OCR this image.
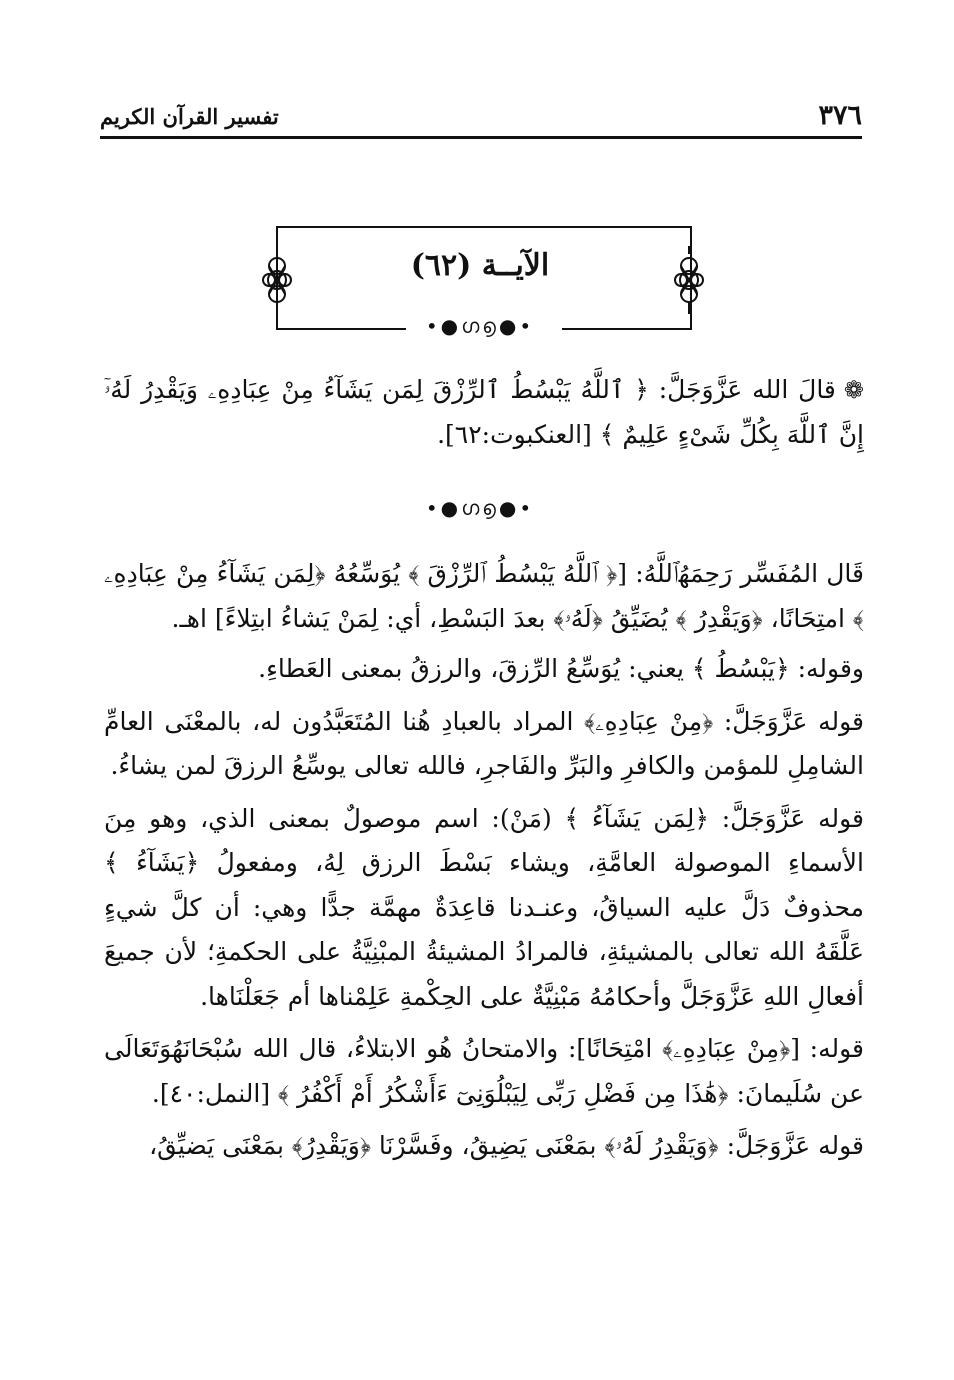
٣٧٦
تفسير القرآن الكريم
الآيــة (٦٢)
•●ഗ൭●•

❁قالَ الله عَزَّوَجَلَّ: ﴿ ٱللَّهُ يَبْسُطُ ٱلرِّزْقَ لِمَن يَشَآءُ مِنْ عِبَادِهِۦ وَيَقْدِرُ لَهُۥٓ إِنَّ ٱللَّهَ بِكُلِّ شَىْءٍ عَلِيمٌ ﴾ [العنكبوت:٦٢].

•●ഗ൭●•

قَال المُفَسِّر رَحِمَهُٱللَّهُ: [﴿ ٱللَّهُ يَبْسُطُ ٱلرِّزْقَ ﴾ يُوَسِّعُهُ ﴿لِمَن يَشَآءُ مِنْ عِبَادِهِۦ ﴾ امتِحَانًا، ﴿وَيَقْدِرُ ﴾ يُضَيِّقُ ﴿لَهُۥ﴾ بعدَ البَسْطِ، أي: لِمَنْ يَشاءُ ابتِلاءً] اهـ.

وقوله: ﴿يَبْسُطُ ﴾ يعني: يُوَسِّعُ الرِّزقَ، والرزقُ بمعنى العَطاءِ.

قوله عَزَّوَجَلَّ: ﴿مِنْ عِبَادِهِۦ﴾ المراد بالعبادِ هُنا المُتَعَبَّدُون له، بالمعْنَى العامِّ الشامِلِ للمؤمن والكافرِ والبَرِّ والفَاجرِ، فالله تعالى يوسِّعُ الرزقَ لمن يشاءُ.

قوله عَزَّوَجَلَّ: ﴿لِمَن يَشَآءُ ﴾ (مَنْ): اسم موصولٌ بمعنى الذي، وهو مِنَ الأسماءِ الموصولة العامَّةِ، ويشاء بَسْطَ الرزق لِهُ، ومفعولُ ﴿يَشَآءُ ﴾ محذوفٌ دَلَّ عليه السياقُ، وعنـدنا قاعِدَةٌ مهمَّة جدًّا وهي: أن كلَّ شيءٍ عَلَّقَهُ الله تعالى بالمشيئةِ، فالمرادُ المشيئةُ المبْنِيَّةُ على الحكمةِ؛ لأن جميعَ أفعالِ اللهِ عَزَّوَجَلَّ وأحكامُهُ مَبْنِيَّةٌ على الحِكْمةِ عَلِمْناها أم جَعَلْنَاها.

قوله: [﴿مِنْ عِبَادِهِۦ﴾ امْتِحَانًا]: والامتحانُ هُو الابتلاءُ، قال الله سُبْحَانَهُوَتَعَالَى عن سُلَيمانَ: ﴿هَٰذَا مِن فَضْلِ رَبِّى لِيَبْلُوَنِىٓ ءَأَشْكُرُ أَمْ أَكْفُرُ ﴾ [النمل:٤٠].

قوله عَزَّوَجَلَّ: ﴿وَيَقْدِرُ لَهُۥ﴾ بمَعْنَى يَضِيقُ، وفَسَّرْنَا ﴿وَيَقْدِرُ﴾ بمَعْنَى يَضيِّقُ،
